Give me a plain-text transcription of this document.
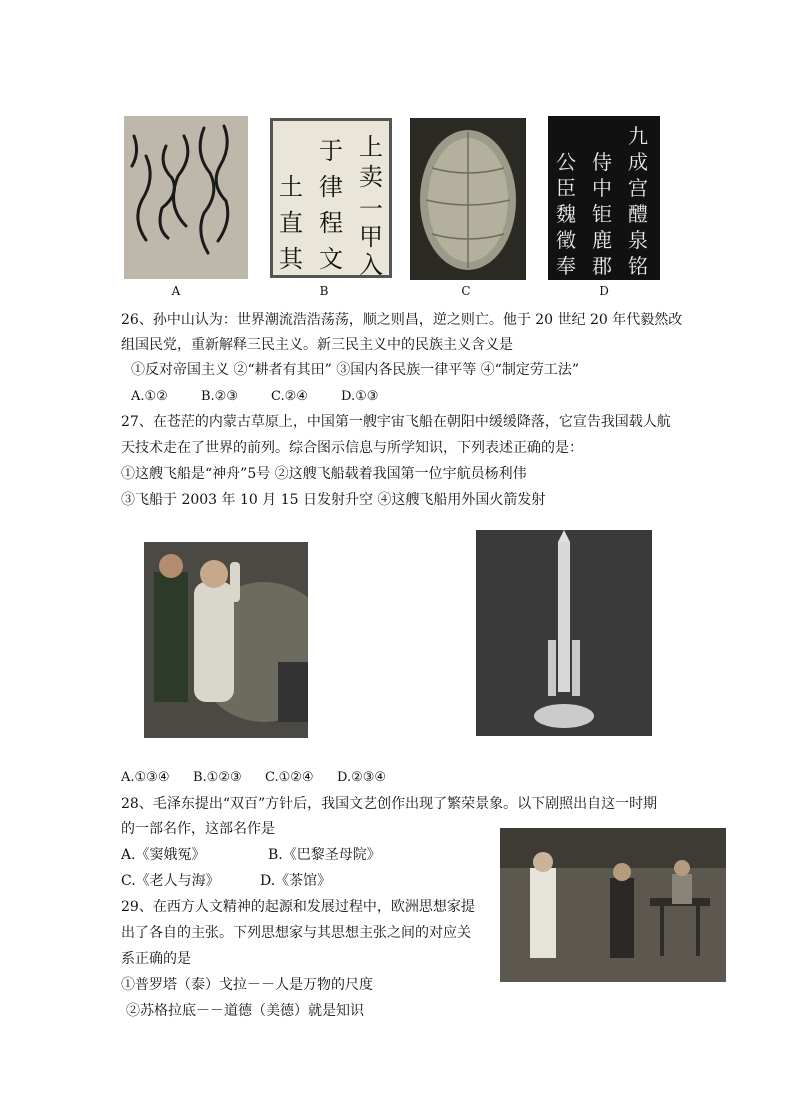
A
上
卖
一
甲
入
于
律
程
文
土
直
其
B	C
九
成
宫
醴
泉
铭
侍
中
钜
鹿
郡
公
臣
魏
徵
奉
D
26、孙中山认为：世界潮流浩浩荡荡，顺之则昌，逆之则亡。他于 20 世纪 20 年代毅然改
组国民党，重新解释三民主义。新三民主义中的民族主义含义是
①反对帝国主义 ②“耕者有其田” ③国内各民族一律平等 ④“制定劳工法”
A.①②	B.②③	C.②④	D.①③
27、在苍茫的内蒙古草原上，中国第一艘宇宙飞船在朝阳中缓缓降落，它宣告我国载人航
天技术走在了世界的前列。综合图示信息与所学知识，下列表述正确的是：
①这艘飞船是“神舟”5号 ②这艘飞船载着我国第一位宇航员杨利伟
③飞船于 2003 年 10 月 15 日发射升空 ④这艘飞船用外国火箭发射
A.①③④ B.①②③ C.①②④ D.②③④
28、毛泽东提出“双百”方针后，我国文艺创作出现了繁荣景象。以下剧照出自这一时期
的一部名作，这部名作是
A.《窦娥冤》	B.《巴黎圣母院》
C.《老人与海》	D.《茶馆》
29、在西方人文精神的起源和发展过程中，欧洲思想家提
出了各自的主张。下列思想家与其思想主张之间的对应关
系正确的是
①普罗塔（泰）戈拉－－人是万物的尺度
②苏格拉底－－道德（美德）就是知识
